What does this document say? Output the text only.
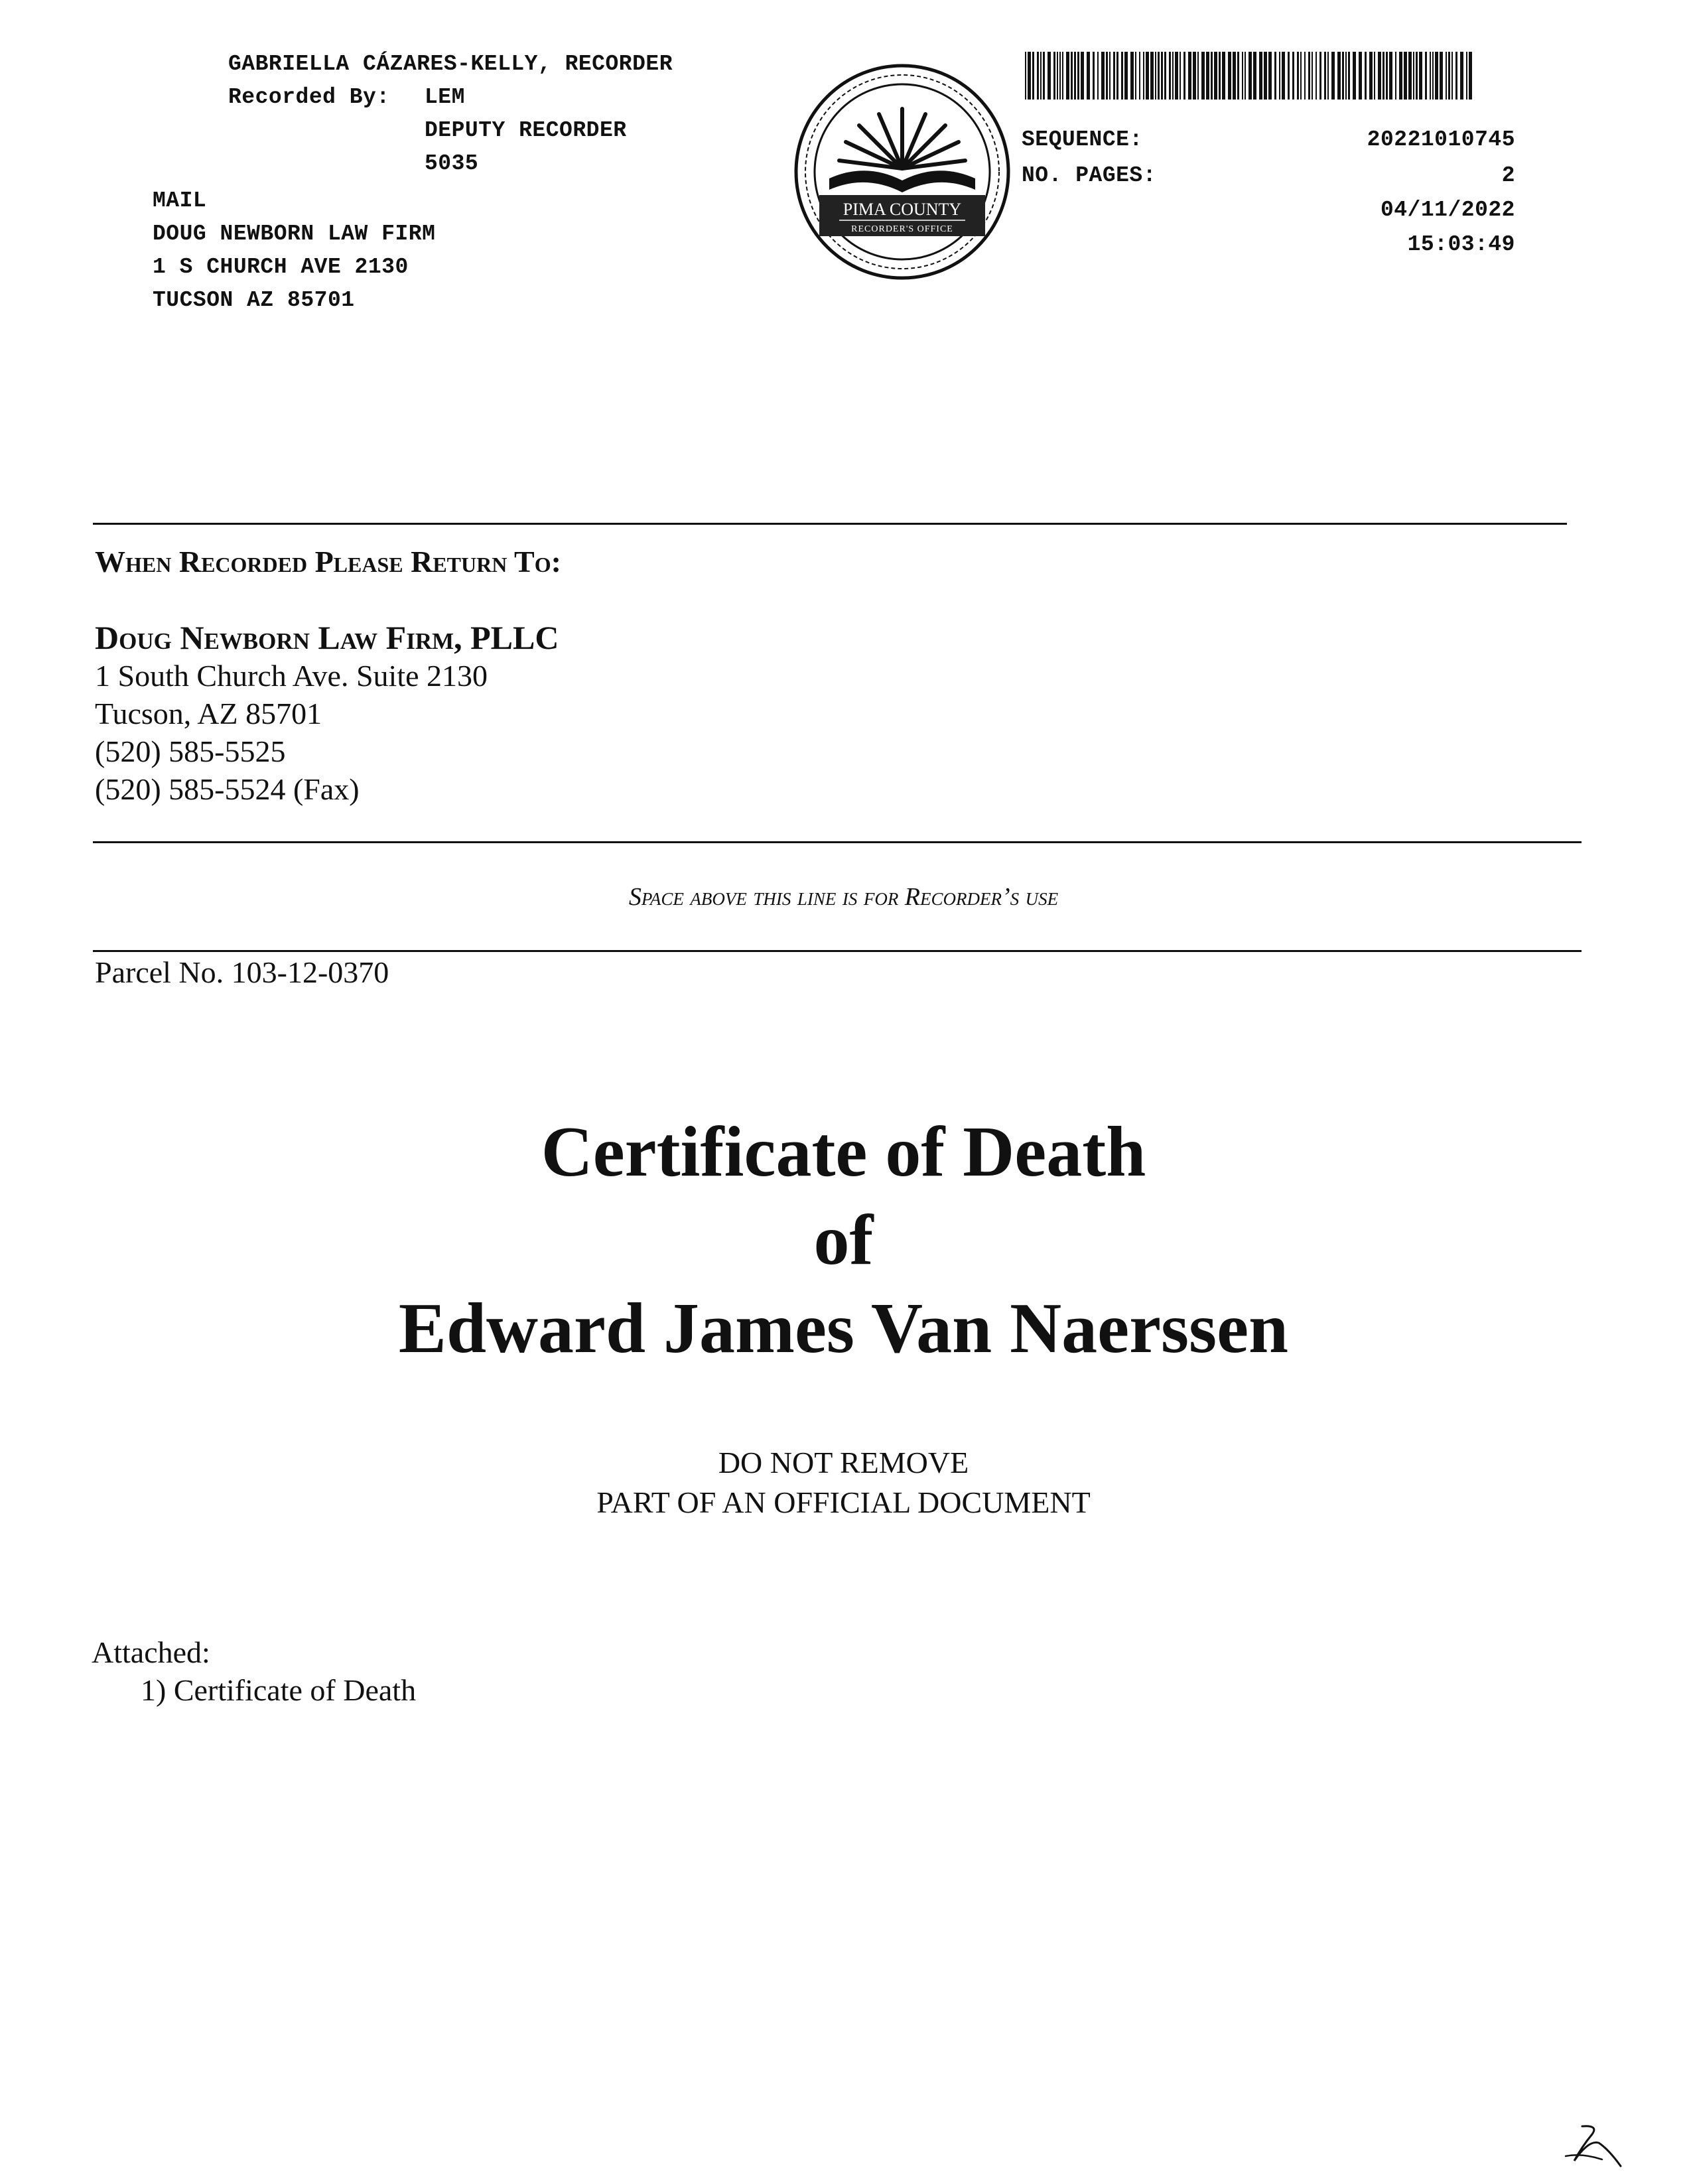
GABRIELLA CÁZARES-KELLY, RECORDER
Recorded By: LEM
DEPUTY RECORDER
5035
MAIL
DOUG NEWBORN LAW FIRM
1 S CHURCH AVE 2130
TUCSON AZ 85701
PIMA COUNTY
RECORDER'S OFFICE
SEQUENCE:	20221010745
NO. PAGES:	2
04/11/2022
15:03:49
When Recorded Please Return To:
Doug Newborn Law Firm, PLLC
1 South Church Ave. Suite 2130
Tucson, AZ 85701
(520) 585-5525
(520) 585-5524 (Fax)
Space above this line is for Recorder’s use
Parcel No. 103-12-0370
Certificate of Death
of
Edward James Van Naerssen
DO NOT REMOVE
PART OF AN OFFICIAL DOCUMENT
Attached:
1) Certificate of Death
